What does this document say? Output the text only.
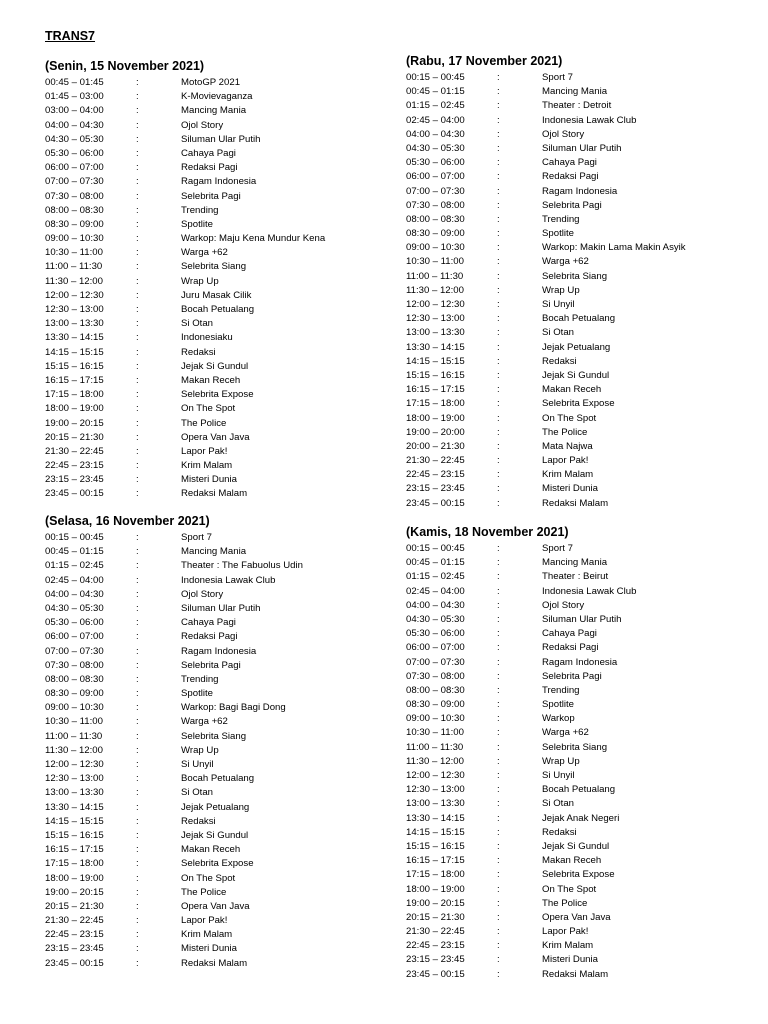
TRANS7
(Senin, 15 November 2021)
00:45 – 01:45	:	MotoGP 2021
01:45 – 03:00	:	K-Movievaganza
03:00 – 04:00	:	Mancing Mania
04:00 – 04:30	:	Ojol Story
04:30 – 05:30	:	Siluman Ular Putih
05:30 – 06:00	:	Cahaya Pagi
06:00 – 07:00	:	Redaksi Pagi
07:00 – 07:30	:	Ragam Indonesia
07:30 – 08:00	:	Selebrita Pagi
08:00 – 08:30	:	Trending
08:30 – 09:00	:	Spotlite
09:00 – 10:30	:	Warkop: Maju Kena Mundur Kena
10:30 – 11:00	:	Warga +62
11:00 – 11:30	:	Selebrita Siang
11:30 – 12:00	:	Wrap Up
12:00 – 12:30	:	Juru Masak Cilik
12:30 – 13:00	:	Bocah Petualang
13:00 – 13:30	:	Si Otan
13:30 – 14:15	:	Indonesiaku
14:15 – 15:15	:	Redaksi
15:15 – 16:15	:	Jejak Si Gundul
16:15 – 17:15	:	Makan Receh
17:15 – 18:00	:	Selebrita Expose
18:00 – 19:00	:	On The Spot
19:00 – 20:15	:	The Police
20:15 – 21:30	:	Opera Van Java
21:30 – 22:45	:	Lapor Pak!
22:45 – 23:15	:	Krim Malam
23:15 – 23:45	:	Misteri Dunia
23:45 – 00:15	:	Redaksi Malam
(Selasa, 16 November 2021)
00:15 – 00:45	:	Sport 7
00:45 – 01:15	:	Mancing Mania
01:15 – 02:45	:	Theater : The Fabuolus Udin
02:45 – 04:00	:	Indonesia Lawak Club
04:00 – 04:30	:	Ojol Story
04:30 – 05:30	:	Siluman Ular Putih
05:30 – 06:00	:	Cahaya Pagi
06:00 – 07:00	:	Redaksi Pagi
07:00 – 07:30	:	Ragam Indonesia
07:30 – 08:00	:	Selebrita Pagi
08:00 – 08:30	:	Trending
08:30 – 09:00	:	Spotlite
09:00 – 10:30	:	Warkop: Bagi Bagi Dong
10:30 – 11:00	:	Warga +62
11:00 – 11:30	:	Selebrita Siang
11:30 – 12:00	:	Wrap Up
12:00 – 12:30	:	Si Unyil
12:30 – 13:00	:	Bocah Petualang
13:00 – 13:30	:	Si Otan
13:30 – 14:15	:	Jejak Petualang
14:15 – 15:15	:	Redaksi
15:15 – 16:15	:	Jejak Si Gundul
16:15 – 17:15	:	Makan Receh
17:15 – 18:00	:	Selebrita Expose
18:00 – 19:00	:	On The Spot
19:00 – 20:15	:	The Police
20:15 – 21:30	:	Opera Van Java
21:30 – 22:45	:	Lapor Pak!
22:45 – 23:15	:	Krim Malam
23:15 – 23:45	:	Misteri Dunia
23:45 – 00:15	:	Redaksi Malam
(Rabu, 17 November 2021)
00:15 – 00:45	:	Sport 7
00:45 – 01:15	:	Mancing Mania
01:15 – 02:45	:	Theater : Detroit
02:45 – 04:00	:	Indonesia Lawak Club
04:00 – 04:30	:	Ojol Story
04:30 – 05:30	:	Siluman Ular Putih
05:30 – 06:00	:	Cahaya Pagi
06:00 – 07:00	:	Redaksi Pagi
07:00 – 07:30	:	Ragam Indonesia
07:30 – 08:00	:	Selebrita Pagi
08:00 – 08:30	:	Trending
08:30 – 09:00	:	Spotlite
09:00 – 10:30	:	Warkop: Makin Lama Makin Asyik
10:30 – 11:00	:	Warga +62
11:00 – 11:30	:	Selebrita Siang
11:30 – 12:00	:	Wrap Up
12:00 – 12:30	:	Si Unyil
12:30 – 13:00	:	Bocah Petualang
13:00 – 13:30	:	Si Otan
13:30 – 14:15	:	Jejak Petualang
14:15 – 15:15	:	Redaksi
15:15 – 16:15	:	Jejak Si Gundul
16:15 – 17:15	:	Makan Receh
17:15 – 18:00	:	Selebrita Expose
18:00 – 19:00	:	On The Spot
19:00 – 20:00	:	The Police
20:00 – 21:30	:	Mata Najwa
21:30 – 22:45	:	Lapor Pak!
22:45 – 23:15	:	Krim Malam
23:15 – 23:45	:	Misteri Dunia
23:45 – 00:15	:	Redaksi Malam
(Kamis, 18 November 2021)
00:15 – 00:45	:	Sport 7
00:45 – 01:15	:	Mancing Mania
01:15 – 02:45	:	Theater : Beirut
02:45 – 04:00	:	Indonesia Lawak Club
04:00 – 04:30	:	Ojol Story
04:30 – 05:30	:	Siluman Ular Putih
05:30 – 06:00	:	Cahaya Pagi
06:00 – 07:00	:	Redaksi Pagi
07:00 – 07:30	:	Ragam Indonesia
07:30 – 08:00	:	Selebrita Pagi
08:00 – 08:30	:	Trending
08:30 – 09:00	:	Spotlite
09:00 – 10:30	:	Warkop
10:30 – 11:00	:	Warga +62
11:00 – 11:30	:	Selebrita Siang
11:30 – 12:00	:	Wrap Up
12:00 – 12:30	:	Si Unyil
12:30 – 13:00	:	Bocah Petualang
13:00 – 13:30	:	Si Otan
13:30 – 14:15	:	Jejak Anak Negeri
14:15 – 15:15	:	Redaksi
15:15 – 16:15	:	Jejak Si Gundul
16:15 – 17:15	:	Makan Receh
17:15 – 18:00	:	Selebrita Expose
18:00 – 19:00	:	On The Spot
19:00 – 20:15	:	The Police
20:15 – 21:30	:	Opera Van Java
21:30 – 22:45	:	Lapor Pak!
22:45 – 23:15	:	Krim Malam
23:15 – 23:45	:	Misteri Dunia
23:45 – 00:15	:	Redaksi Malam
